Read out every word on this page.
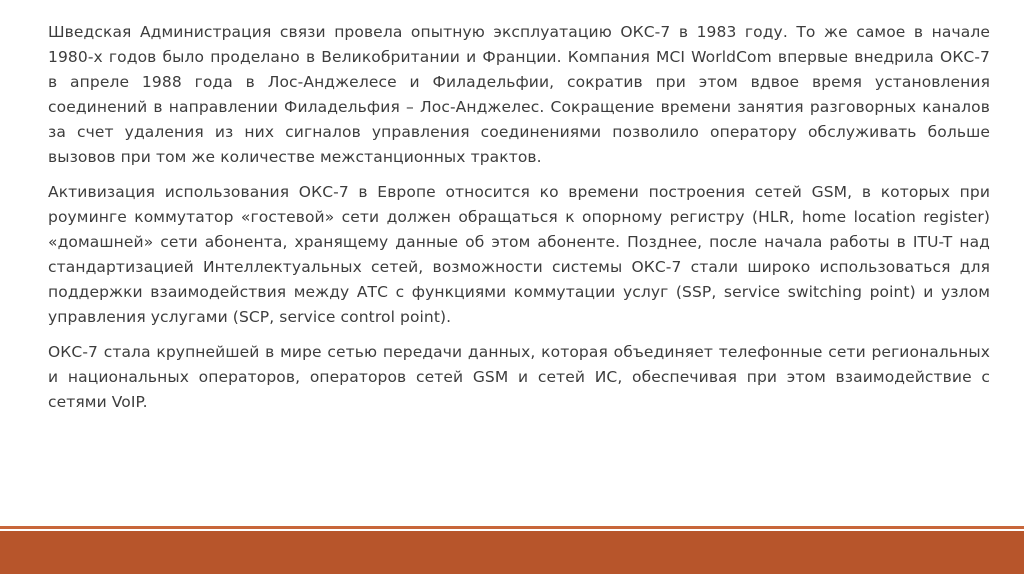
Шведская Администрация связи провела опытную эксплуатацию ОКС-7 в 1983 году. То же самое в начале 1980-х годов было проделано в Великобритании и Франции. Компания MCI WorldCom впервые внедрила ОКС-7 в апреле 1988 года в Лос-Анджелесе и Филадельфии, сократив при этом вдвое время установления соединений в направлении Филадельфия – Лос-Анджелес. Сокращение времени занятия разговорных каналов за счет удаления из них сигналов управления соединениями позволило оператору обслуживать больше вызовов при том же количестве межстанционных трактов.

Активизация использования ОКС-7 в Европе относится ко времени построения сетей GSM, в которых при роуминге коммутатор «гостевой» сети должен обращаться к опорному регистру (HLR, home location register) «домашней» сети абонента, хранящему данные об этом абоненте. Позднее, после начала работы в ITU-T над стандартизацией Интеллектуальных сетей, возможности системы ОКС-7 стали широко использоваться для поддержки взаимодействия между АТС с функциями коммутации услуг (SSP, service switching point) и узлом управления услугами (SCP, service control point).

ОКС-7 стала крупнейшей в мире сетью передачи данных, которая объединяет телефонные сети региональных и национальных операторов, операторов сетей GSM и сетей ИС, обеспечивая при этом взаимодействие с сетями VoIP.
